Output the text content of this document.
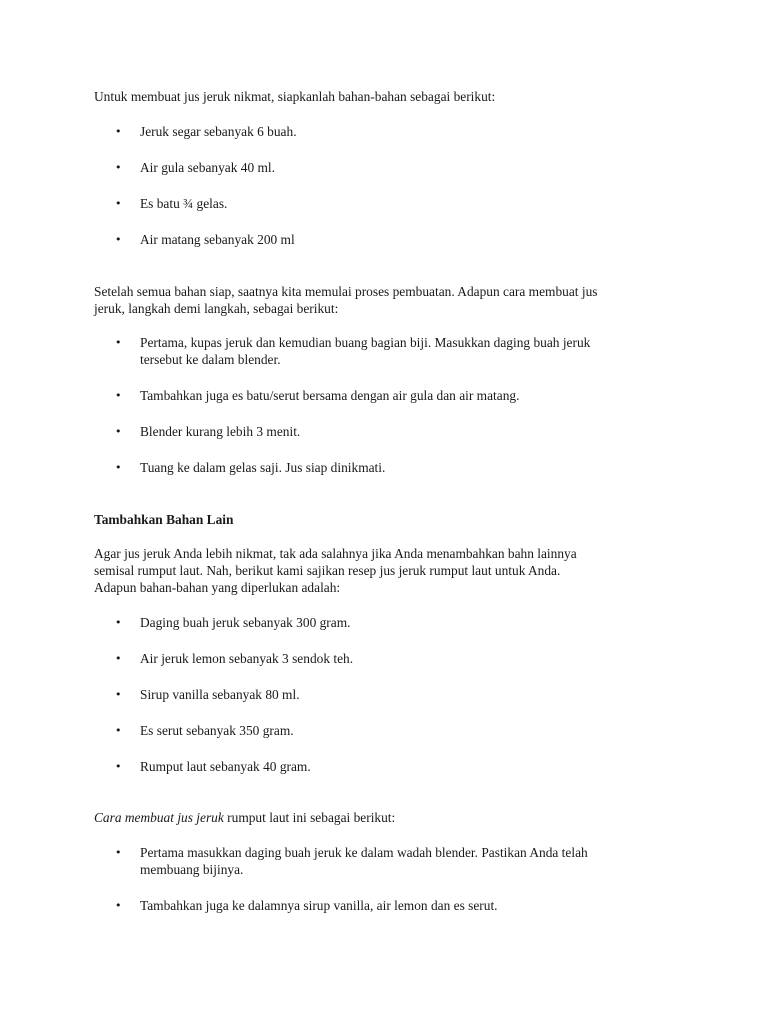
Untuk membuat jus jeruk nikmat, siapkanlah bahan-bahan sebagai berikut:

• Jeruk segar sebanyak 6 buah.
• Air gula sebanyak 40 ml.
• Es batu ¾ gelas.
• Air matang sebanyak 200 ml
Setelah semua bahan siap, saatnya kita memulai proses pembuatan. Adapun cara membuat jus
jeruk, langkah demi langkah, sebagai berikut:
• Pertama, kupas jeruk dan kemudian buang bagian biji. Masukkan daging buah jeruk
tersebut ke dalam blender.
• Tambahkan juga es batu/serut bersama dengan air gula dan air matang.
• Blender kurang lebih 3 menit.
• Tuang ke dalam gelas saji. Jus siap dinikmati.

Tambahkan Bahan Lain

Agar jus jeruk Anda lebih nikmat, tak ada salahnya jika Anda menambahkan bahn lainnya
semisal rumput laut. Nah, berikut kami sajikan resep jus jeruk rumput laut untuk Anda.
Adapun bahan-bahan yang diperlukan adalah:
• Daging buah jeruk sebanyak 300 gram.
• Air jeruk lemon sebanyak 3 sendok teh.
• Sirup vanilla sebanyak 80 ml.
• Es serut sebanyak 350 gram.
• Rumput laut sebanyak 40 gram.

Cara membuat jus jeruk rumput laut ini sebagai berikut:

• Pertama masukkan daging buah jeruk ke dalam wadah blender. Pastikan Anda telah
membuang bijinya.
• Tambahkan juga ke dalamnya sirup vanilla, air lemon dan es serut.
